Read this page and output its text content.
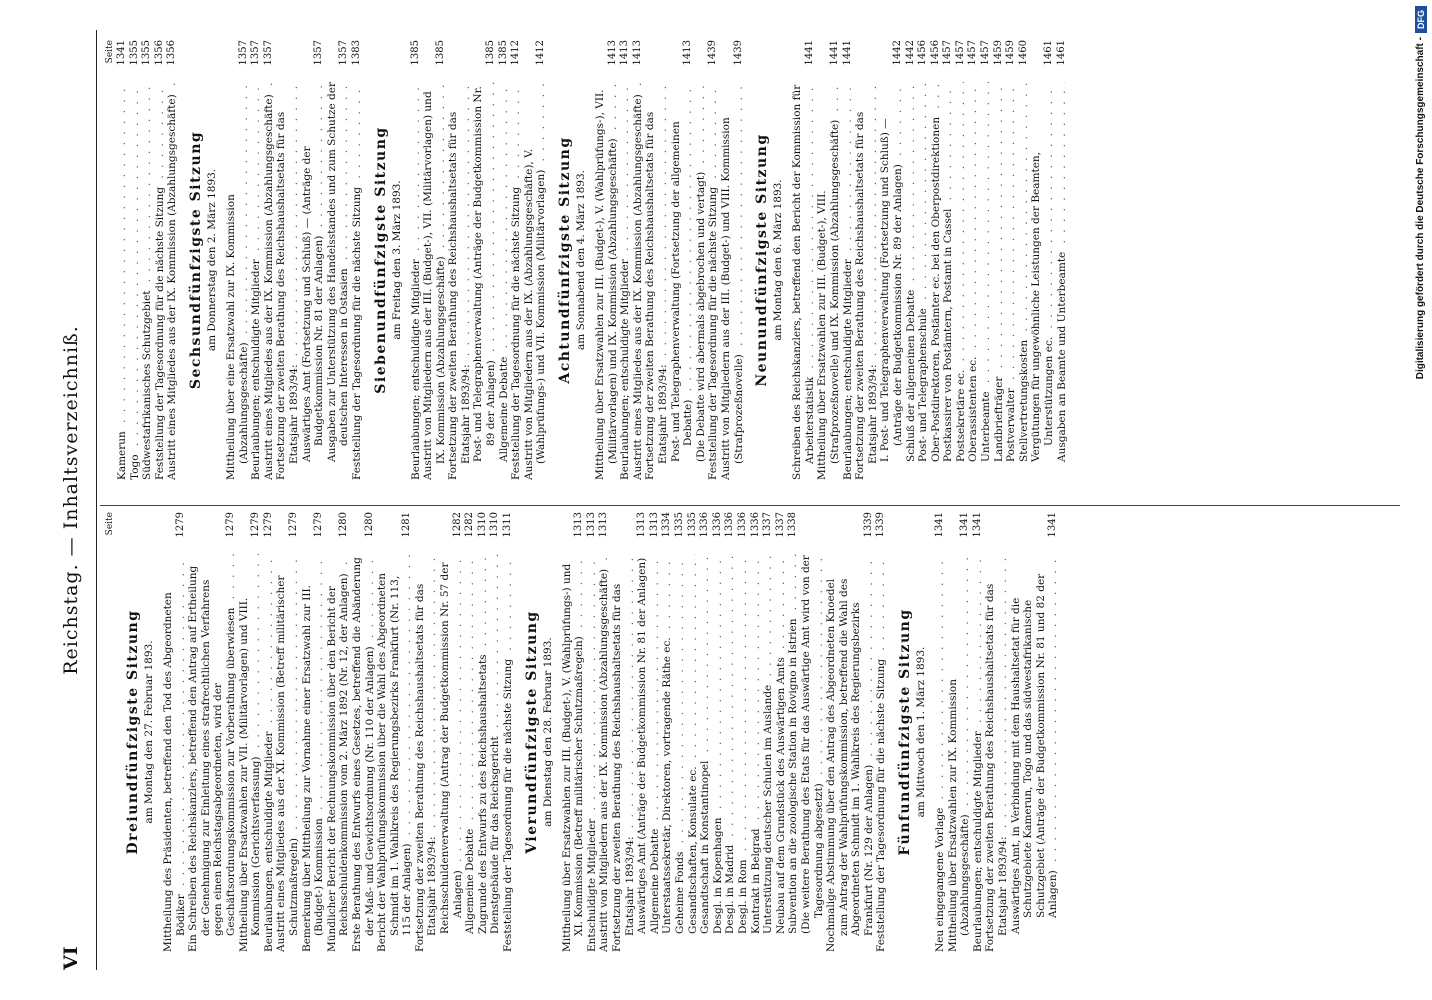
VI
Reichstag. — Inhaltsverzeichniß.	Seite
Dreiundfünfzigste Sitzung am Montag den 27. Februar 1893. Mittheilung des Präsidenten, betreffend den Tod des Abgeordneten Bödiker . . .
1279
Ein Schreiben des Reichskanzlers, betreffend den Antrag auf Ertheilung der Genehmigung zur Einleitung eines strafrechtlichen Verfahrens gegen einen Reichstagsabgeordneten, wird der Geschäftsordnungskommission zur Vorberathung überwiesen . . .
1279
Mittheilung über Ersatzwahlen zur VII. (Militärvorlagen) und VIII. Kommission (Gerichtsverfassung) . . .
1279
Beurlaubungen, entschuldigte Mitglieder . . .
1279
Austritt eines Mitgliedes aus der XI. Kommission (Betreff militärischer Schutzmaßregeln) . . .
1279
Bemerkung über Mittheilung zur Vornahme einer Ersatzwahl zur III. (Budget-) Kommission . . .
1279
Mündlicher Bericht der Rechnungskommission über den Bericht der Reichsschuldenkommission vom 2. März 1892 (Nr. 12, der Anlagen) . . .
1280
Erste Berathung des Entwurfs eines Gesetzes, betreffend die Abänderung der Maß- und Gewichtsordnung (Nr. 110 der Anlagen) . . .
1280
Bericht der Wahlprüfungskommission über die Wahl des Abgeordneten Schmidt im 1. Wahlkreis des Regierungsbezirks Frankfurt (Nr. 113, 115 der Anlagen) . . .
1281
Fortsetzung der zweiten Berathung des Reichshaushaltsetats für das Etatsjahr 1893/94: . . . Reichsschuldenverwaltung (Antrag der Budgetkommission Nr. 57 der Anlagen) . . .
1282
Allgemeine Debatte . . .
1282
Zugrunde des Entwurfs zu des Reichshaushaltsetats . . .
1310
Dienstgebäude für das Reichsgericht . . .
1310
Feststellung der Tagesordnung für die nächste Sitzung . . .
1311
Vierundfünfzigste Sitzung am Dienstag den 28. Februar 1893. Mittheilung über Ersatzwahlen zur III. (Budget-), V. (Wahlprüfungs-) und XI. Kommission (Betreff militärischer Schutzmaßregeln) . . .
1313
Entschuldigte Mitglieder . . .
1313
Austritt von Mitgliedern aus der IX. Kommission (Abzahlungsgeschäfte) . . .
1313
Fortsetzung der zweiten Berathung des Reichshaushaltsetats für das Etatsjahr 1893/94: . . . Auswärtiges Amt (Anträge der Budgetkommission Nr. 81 der Anlagen) . . .
1313
Allgemeine Debatte . . .
1313
Unterstaatssekretär, Direktoren, vortragende Räthe ec. . . .
1334
Geheime Fonds . . .
1335
Gesandtschaften, Konsulate ec. . . .
1335
Gesandtschaft in Konstantinopel . . .
1336
Desgl. in Kopenhagen . . .
1336
Desgl. in Madrid . . .
1336
Desgl. in Rom . . .
1336
Kontrakt in Belgrad . . .
1336
Unterstützung deutscher Schulen im Auslande . . .
1337
Neubau auf dem Grundstück des Auswärtigen Amts . . .
1337
Subvention an die zoologische Station in Rovigno in Istrien . . .
1338
(Die weitere Berathung des Etats für das Auswärtige Amt wird von der Tagesordnung abgesetzt) . . . Nochmalige Abstimmung über den Antrag des Abgeordneten Knoedel zum Antrag der Wahlprüfungskommission, betreffend die Wahl des Abgeordneten Schmidt im 1. Wahlkreis des Regierungsbezirks Frankfurt (Nr. 129 der Anlagen) . . .
1339
Feststellung der Tagesordnung für die nächste Sitzung . . .
1339
Fünfundfünfzigste Sitzung am Mittwoch den 1. März 1893.
Neu eingegangene Vorlage . . .
1341
Mittheilung über Ersatzwahlen zur IX. Kommission (Abzahlungsgeschäfte) . . .
1341
Beurlaubungen; entschuldigte Mitglieder . . .
1341
Fortsetzung der zweiten Berathung des Reichshaushaltsetats für das Etatsjahr 1893/94: . . . Auswärtiges Amt, in Verbindung mit dem Haushaltsetat für die Schutzgebiete Kamerun, Togo und das südwestafrikanische Schutzgebiet (Anträge der Budgetkommission Nr. 81 und 82 der Anlagen) . . .
1341
Seite
Kamerun . . .
1341
Togo . . .
1355
Südwestafrikanisches Schutzgebiet . . .
1355
Feststellung der Tagesordnung für die nächste Sitzung . . .
1356
Austritt eines Mitgliedes aus der IX. Kommission (Abzahlungsgeschäfte) . . .
1356
Sechsundfünfzigste Sitzung am Donnerstag den 2. März 1893. Mittheilung über eine Ersatzwahl zur IX. Kommission (Abzahlungsgeschäfte) . . .
1357
Beurlaubungen; entschuldigte Mitglieder . . .
1357
Austritt eines Mitgliedes aus der IX. Kommission (Abzahlungsgeschäfte) . . .
1357
Fortsetzung der zweiten Berathung des Reichshaushaltsetats für das Etatsjahr 1893/94: . . . Auswärtiges Amt (Fortsetzung und Schluß) — (Anträge der Budgetkommission Nr. 81 der Anlagen) . . .
1357
Ausgaben zur Unterstützung des Handelsstandes und zum Schutze der deutschen Interessen in Ostasien . . .
1357
Feststellung der Tagesordnung für die nächste Sitzung . . .
1383
Siebenundfünfzigste Sitzung am Freitag den 3. März 1893. Beurlaubungen; entschuldigte Mitglieder . . .
1385
Austritt von Mitgliedern aus der III. (Budget-), VII. (Militärvorlagen) und IX. Kommission (Abzahlungsgeschäfte) . . .
1385
Fortsetzung der zweiten Berathung des Reichshaushaltsetats für das Etatsjahr 1893/94: . . . Post- und Telegraphenverwaltung (Anträge der Budgetkommission Nr. 89 der Anlagen) . . .
1385
Allgemeine Debatte . . .
1385
Feststellung der Tagesordnung für die nächste Sitzung . . .
1412
Austritt von Mitgliedern aus der IX. (Abzahlungsgeschäfte), V. (Wahlprüfungs-) und VII. Kommission (Militärvorlagen) . . .
1412
Achtundfünfzigste Sitzung am Sonnabend den 4. März 1893. Mittheilung über Ersatzwahlen zur III. (Budget-), V. (Wahlprüfungs-), VII. (Militärvorlagen) und IX. Kommission (Abzahlungsgeschäfte) . . .
1413
Beurlaubungen; entschuldigte Mitglieder . . .
1413
Austritt eines Mitgliedes aus der IX. Kommission (Abzahlungsgeschäfte) . . .
1413
Fortsetzung der zweiten Berathung des Reichshaushaltsetats für das Etatsjahr 1893/94: . . . Post- und Telegraphenverwaltung (Fortsetzung der allgemeinen Debatte) . . .
1413
(Die Debatte wird abermals abgebrochen und vertagt) . . . Feststellung der Tagesordnung für die nächste Sitzung . . .
1439
Austritt von Mitgliedern aus der III. (Budget-) und VIII. Kommission (Strafprozeßnovelle) . . .
1439
Neunundfünfzigste Sitzung am Montag den 6. März 1893. Schreiben des Reichskanzlers, betreffend den Bericht der Kommission für Arbeiterstatistik . . .
1441
Mittheilung über Ersatzwahlen zur III. (Budget-), VIII. (Strafprozeßnovelle) und IX. Kommission (Abzahlungsgeschäfte) . . .
1441
Beurlaubungen; entschuldigte Mitglieder . . .
1441
Fortsetzung der zweiten Berathung des Reichshaushaltsetats für das Etatsjahr 1893/94: . . . I. Post- und Telegraphenverwaltung (Fortsetzung und Schluß) — (Anträge der Budgetkommission Nr. 89 der Anlagen) . . .
1442
Schluß der allgemeinen Debatte . . .
1442
Post- und Telegraphenschule . . .
1456
Ober-Postdirektoren, Postämter ec. bei den Oberpostdirektionen . . .
1456
Postkassirer von Postämtern, Postamt in Cassel . . .
1457
Postsekretäre ec. . . .
1457
Oberassistenten ec. . . .
1457
Unterbeamte . . .
1457
Landbriefträger . . .
1459
Postverwalter . . .
1459
Stellvertretungskosten . . .
1460
Vergütungen für ungewöhnliche Leistungen der Beamten, Unterstützungen ec. . . .
1461
Ausgaben an Beamte und Unterbeamte . . .
1461	Digitalisierung gefördert durch die Deutsche Forschungsgemeinschaft -
DFG
